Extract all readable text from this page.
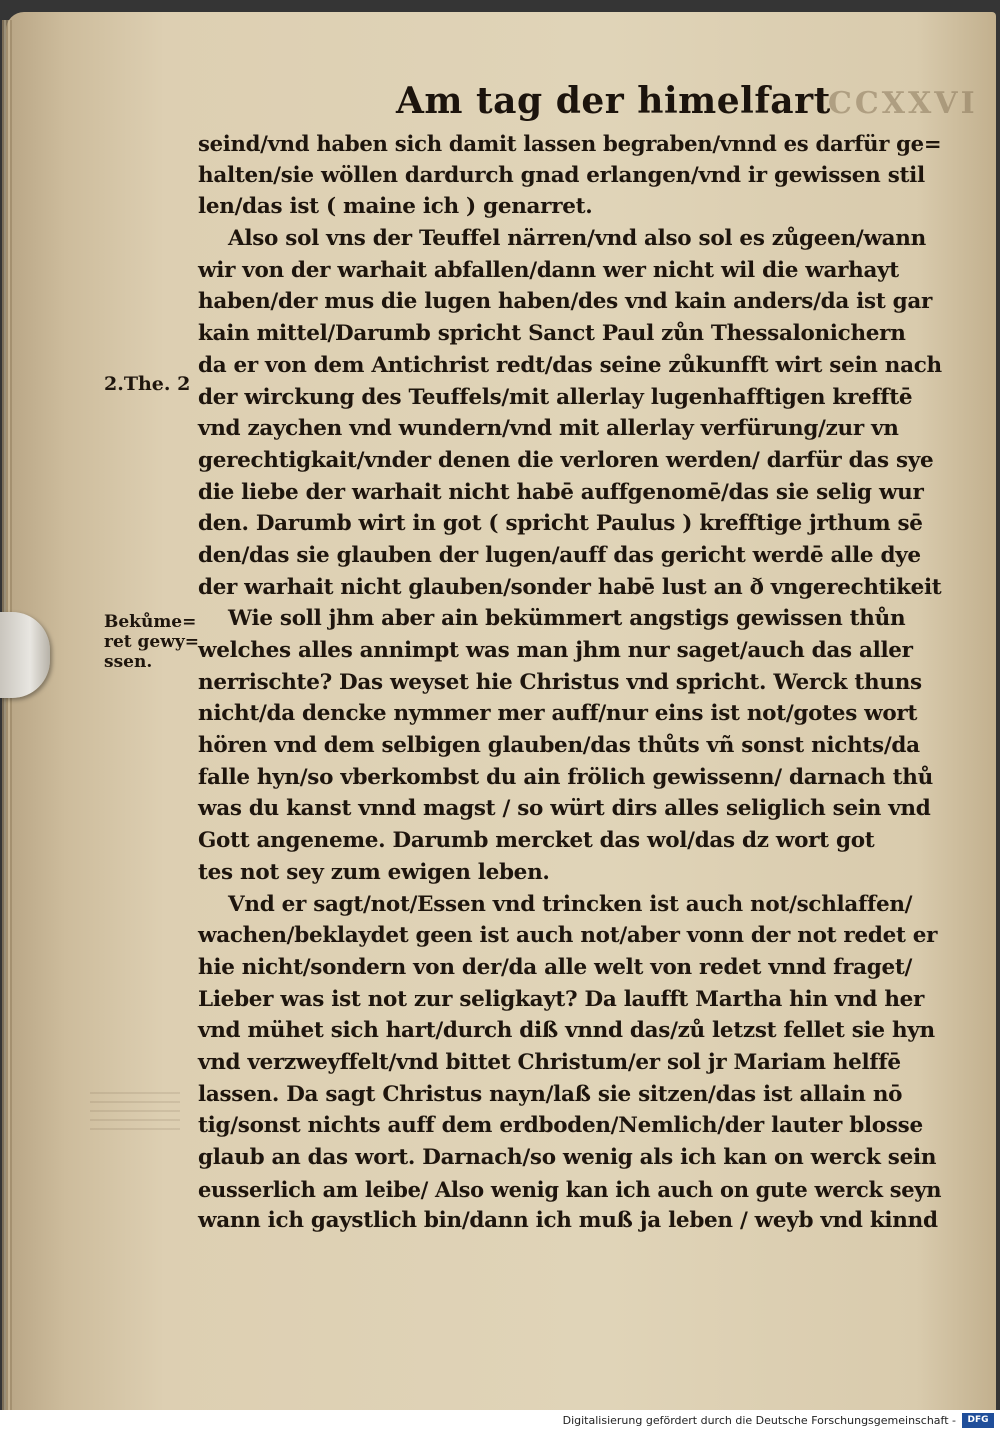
CCXXVI
Am tag der himelfart
2.The. 2
Bekůme=
ret gewy=
ssen.
seind/vnd haben sich damit lassen begraben/vnnd es darfür ge=
halten/sie wöllen dardurch gnad erlangen/vnd ir gewissen stil
len/das ist ( maine ich ) genarret.
Also sol vns der Teuffel närren/vnd also sol es zůgeen/wann
wir von der warhait abfallen/dann wer nicht wil die warhayt
haben/der mus die lugen haben/des vnd kain anders/da ist gar
kain mittel/Darumb spricht Sanct Paul zůn Thessalonichern
da er von dem Antichrist redt/das seine zůkunfft wirt sein nach
der wirckung des Teuffels/mit allerlay lugenhafftigen krefftē
vnd zaychen vnd wundern/vnd mit allerlay verfürung/zur vn
gerechtigkait/vnder denen die verloren werden/ darfür das sye
die liebe der warhait nicht habē auffgenomē/das sie selig wur
den. Darumb wirt in got ( spricht Paulus ) krefftige jrthum sē
den/das sie glauben der lugen/auff das gericht werdē alle dye
der warhait nicht glauben/sonder habē lust an ð vngerechtikeit
Wie soll jhm aber ain bekümmert angstigs gewissen thůn
welches alles annimpt was man jhm nur saget/auch das aller
nerrischte? Das weyset hie Christus vnd spricht. Werck thuns
nicht/da dencke nymmer mer auff/nur eins ist not/gotes wort
hören vnd dem selbigen glauben/das thůts vñ sonst nichts/da
falle hyn/so vberkombst du ain frölich gewissenn/ darnach thů
was du kanst vnnd magst / so würt dirs alles seliglich sein vnd
Gott angeneme. Darumb mercket das wol/das dz wort got
tes not sey zum ewigen leben.
Vnd er sagt/not/Essen vnd trincken ist auch not/schlaffen/
wachen/beklaydet geen ist auch not/aber vonn der not redet er
hie nicht/sondern von der/da alle welt von redet vnnd fraget/
Lieber was ist not zur seligkayt? Da laufft Martha hin vnd her
vnd mühet sich hart/durch diß vnnd das/zů letzst fellet sie hyn
vnd verzweyffelt/vnd bittet Christum/er sol jr Mariam helffē
lassen. Da sagt Christus nayn/laß sie sitzen/das ist allain nō
tig/sonst nichts auff dem erdboden/Nemlich/der lauter blosse
glaub an das wort. Darnach/so wenig als ich kan on werck sein
eusserlich am leibe/ Also wenig kan ich auch on gute werck seyn
wann ich gaystlich bin/dann ich muß ja leben / weyb vnd kinnd
Digitalisierung gefördert durch die Deutsche Forschungsgemeinschaft -	DFG
